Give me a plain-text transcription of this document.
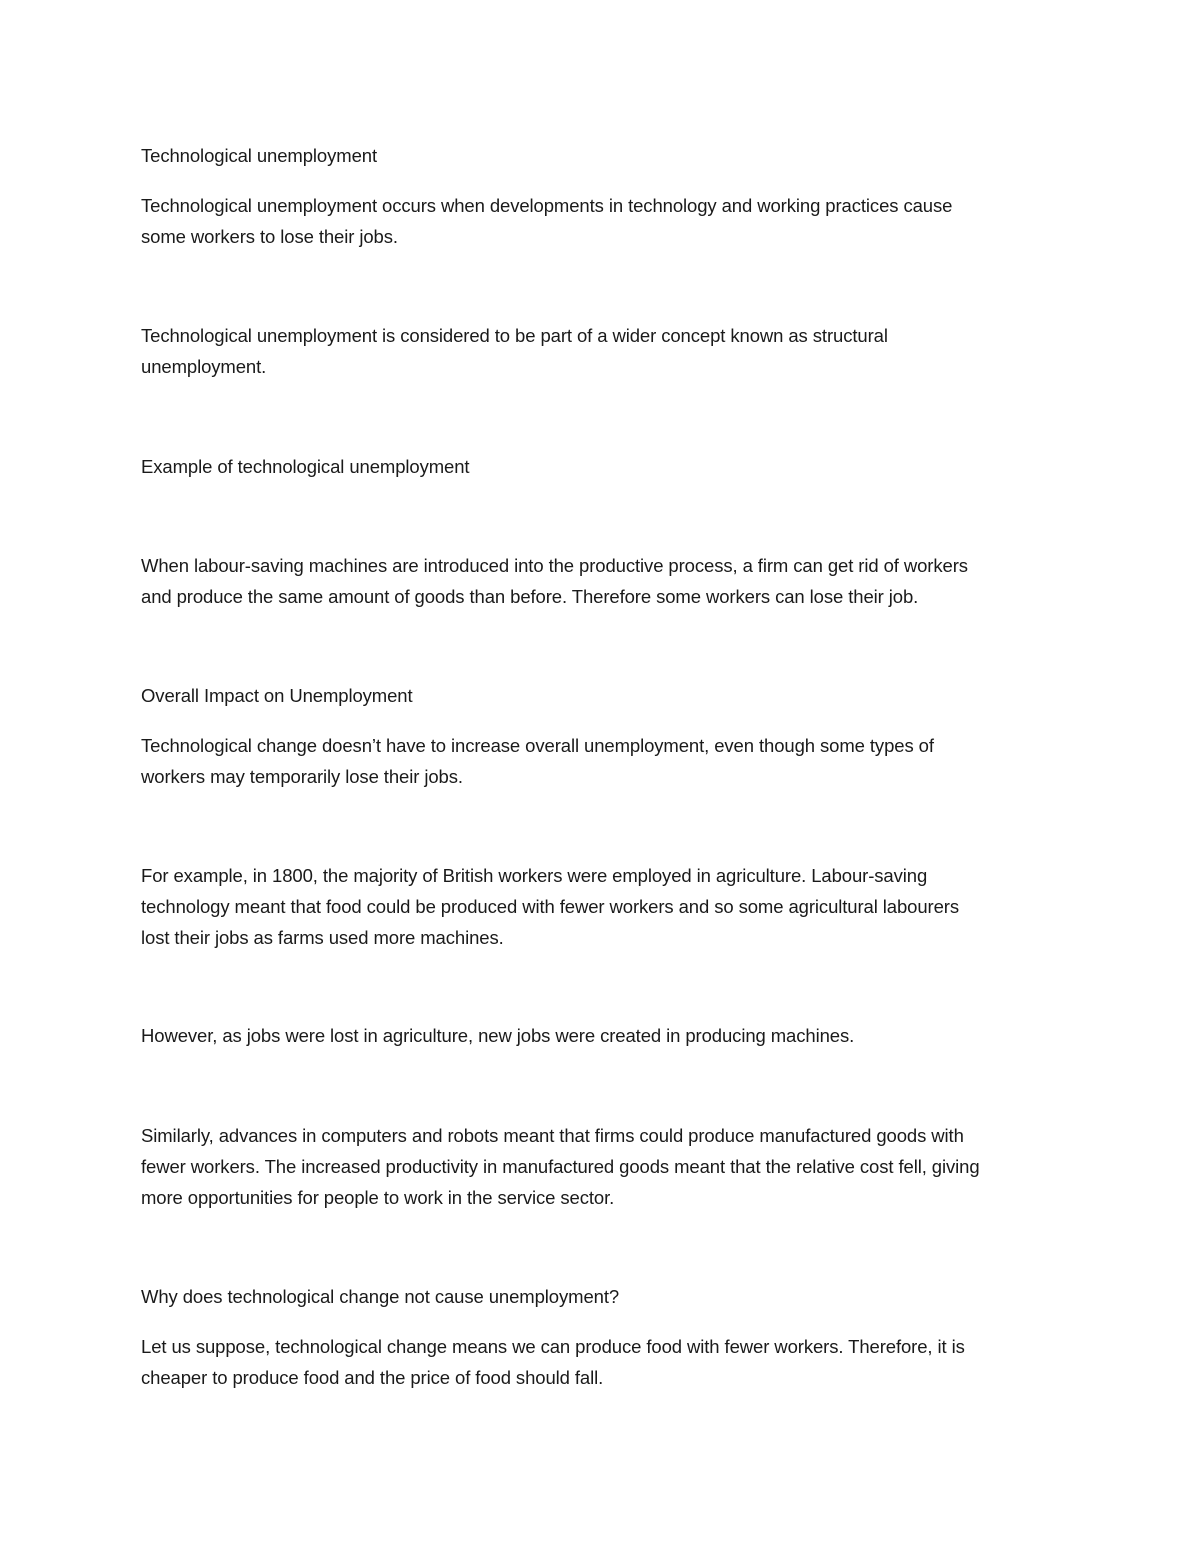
Technological unemployment

Technological unemployment occurs when developments in technology and working practices cause

some workers to lose their jobs.

Technological unemployment is considered to be part of a wider concept known as structural

unemployment.

Example of technological unemployment

When labour-saving machines are introduced into the productive process, a firm can get rid of workers

and produce the same amount of goods than before. Therefore some workers can lose their job.

Overall Impact on Unemployment

Technological change doesn’t have to increase overall unemployment, even though some types of

workers may temporarily lose their jobs.

For example, in 1800, the majority of British workers were employed in agriculture. Labour-saving

technology meant that food could be produced with fewer workers and so some agricultural labourers

lost their jobs as farms used more machines.

However, as jobs were lost in agriculture, new jobs were created in producing machines.

Similarly, advances in computers and robots meant that firms could produce manufactured goods with

fewer workers. The increased productivity in manufactured goods meant that the relative cost fell, giving

more opportunities for people to work in the service sector.

Why does technological change not cause unemployment?

Let us suppose, technological change means we can produce food with fewer workers. Therefore, it is

cheaper to produce food and the price of food should fall.
